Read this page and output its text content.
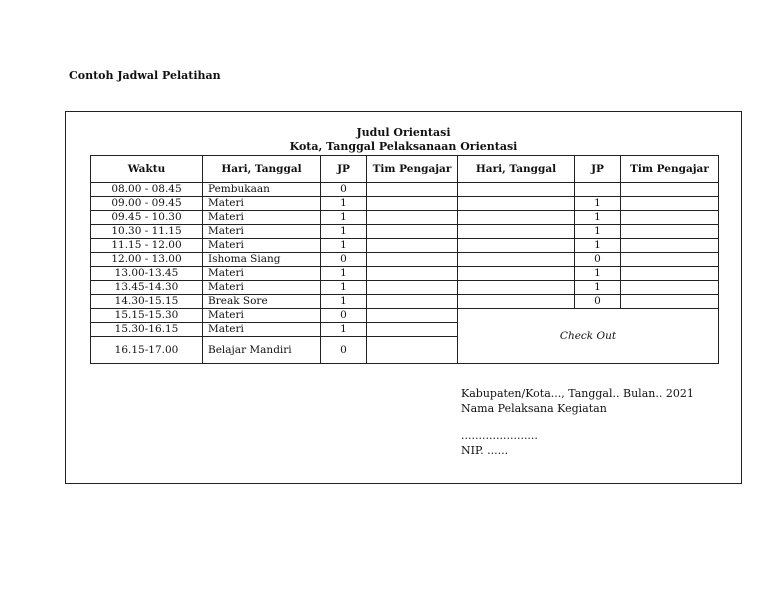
Contoh Jadwal Pelatihan
Judul Orientasi
Kota, Tanggal Pelaksanaan Orientasi
Waktu	Hari, Tanggal	JP	Tim Pengajar	Hari, Tanggal	JP	Tim Pengajar
08.00 - 08.45	Pembukaan	0				
09.00 - 09.45	Materi	1			1	
09.45 - 10.30	Materi	1			1	
10.30 - 11.15	Materi	1			1	
11.15 - 12.00	Materi	1			1	
12.00 - 13.00	Ishoma Siang	0			0	
13.00-13.45	Materi	1			1	
13.45-14.30	Materi	1			1	
14.30-15.15	Break Sore	1			0	
15.15-15.30	Materi	0		Check Out		
15.30-16.15	Materi	1				
16.15-17.00	Belajar Mandiri	0				
Kabupaten/Kota..., Tanggal.. Bulan.. 2021
Nama Pelaksana Kegiatan
......................
NIP. ......
